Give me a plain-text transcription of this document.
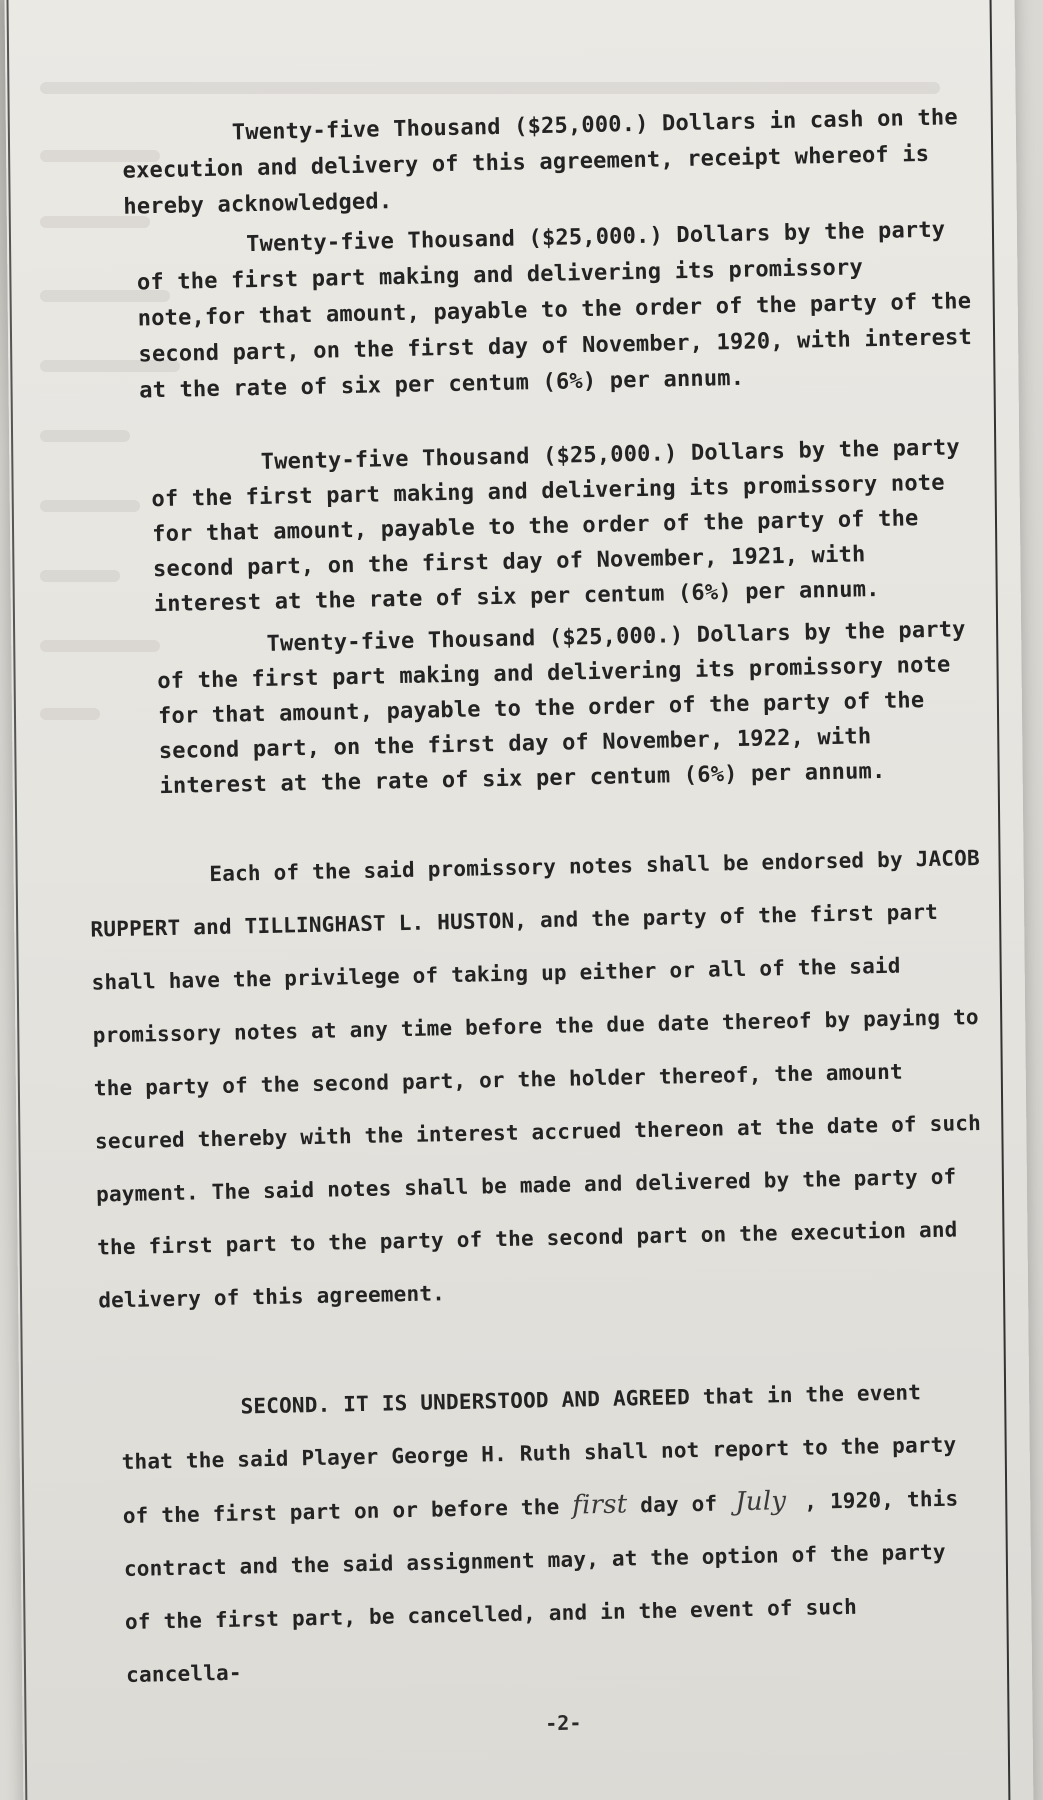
Twenty-five Thousand ($25,000.) Dollars in cash on the execution and delivery of this agreement, receipt whereof is hereby acknowledged.

Twenty-five Thousand ($25,000.) Dollars by the party of the first part making and delivering its promissory note,for that amount, payable to the order of the party of the second part, on the first day of November, 1920, with interest at the rate of six per centum (6%) per annum.

Twenty-five Thousand ($25,000.) Dollars by the party of the first part making and delivering its promissory note for that amount, payable to the order of the party of the second part, on the first day of November, 1921, with interest at the rate of six per centum (6%) per annum.

Twenty-five Thousand ($25,000.) Dollars by the party of the first part making and delivering its promissory note for that amount, payable to the order of the party of the second part, on the first day of November, 1922, with interest at the rate of six per centum (6%) per annum.

Each of the said promissory notes shall be endorsed by JACOB RUPPERT and TILLINGHAST L. HUSTON, and the party of the first part shall have the privilege of taking up either or all of the said promissory notes at any time before the due date thereof by paying to the party of the second part, or the holder thereof, the amount secured thereby with the interest accrued thereon at the date of such payment. The said notes shall be made and delivered by the party of the first part to the party of the second part on the execution and delivery of this agreement.

SECOND. IT IS UNDERSTOOD AND AGREED that in the event that the said Player George H. Ruth shall not report to the party of the first part on or before the first day of July , 1920, this contract and the said assignment may, at the option of the party of the first part, be cancelled, and in the event of such cancella-

-2-
